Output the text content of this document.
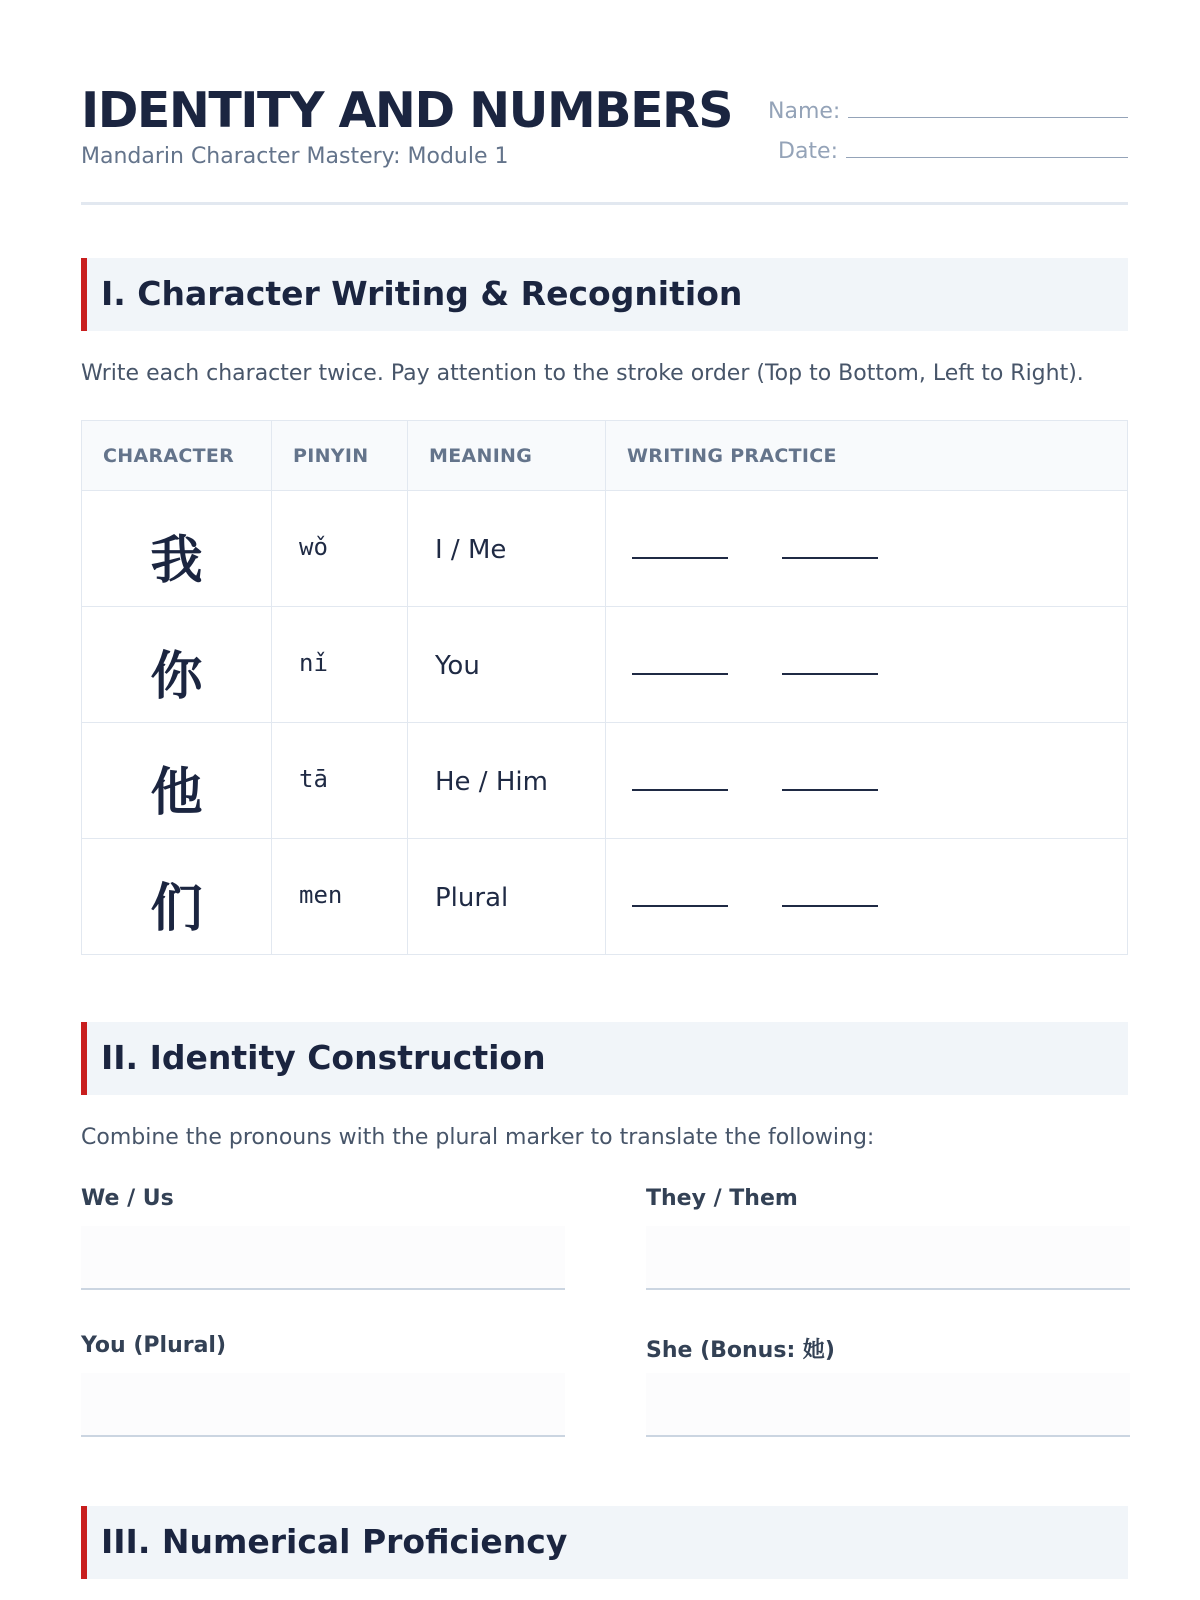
IDENTITY AND NUMBERS
Mandarin Character Mastery: Module 1
Name:
Date:
I. Character Writing & Recognition
Write each character twice. Pay attention to the stroke order (Top to Bottom, Left to Right).
CHARACTER	PINYIN	MEANING	WRITING PRACTICE
我	wǒ	I / Me
你	nǐ	You
他	tā	He / Him
们	men	Plural
II. Identity Construction
Combine the pronouns with the plural marker to translate the following:
We / Us	They / Them
You (Plural)	She (Bonus: 她)
III. Numerical Proficiency
